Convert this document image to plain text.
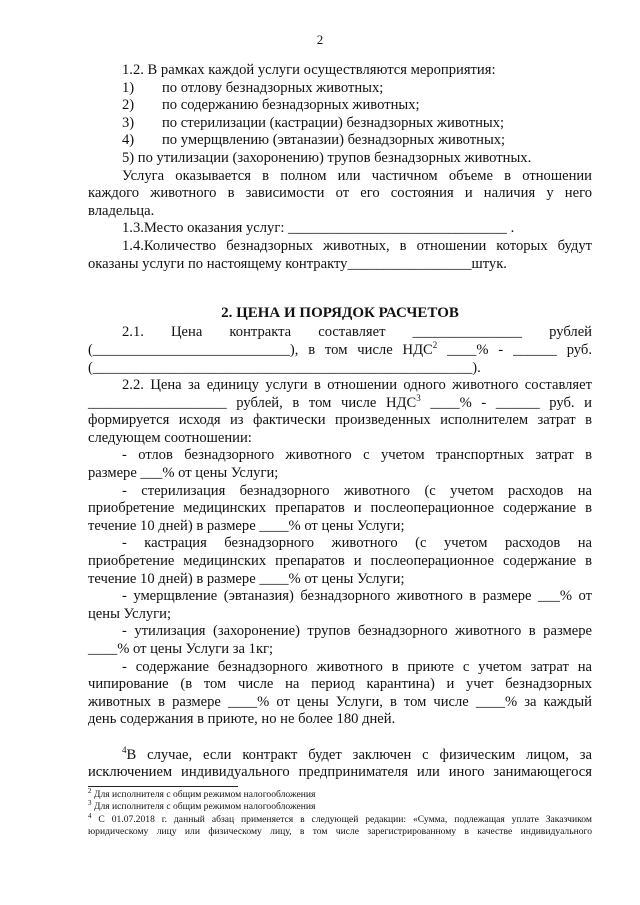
2
1.2. В рамках каждой услуги осуществляются мероприятия:
1)	по отлову безнадзорных животных;
2)	по содержанию безнадзорных животных;
3)	по стерилизации (кастрации) безнадзорных животных;
4)	по умерщвлению (эвтаназии) безнадзорных животных;
5) по утилизации (захоронению) трупов безнадзорных животных.
Услуга оказывается в полном или частичном объеме в отношении
каждого животного в зависимости от его состояния и наличия у него
владельца.
1.3.Место оказания услуг: ______________________________ .
1.4.Количество безнадзорных животных, в отношении которых будут
оказаны услуги по настоящему контракту_________________штук.
2. ЦЕНА И ПОРЯДОК РАСЧЕТОВ
2.1. Цена контракта составляет _______________ рублей
(___________________________), в том числе НДС$^2$ ____% - ______ руб.
(____________________________________________________).
2.2. Цена за единицу услуги в отношении одного животного составляет
___________________ рублей, в том числе НДС$^3$ ____% - ______ руб. и
формируется исходя из фактически произведенных исполнителем затрат в
следующем соотношении:
- отлов безнадзорного животного с учетом транспортных затрат в
размере ___% от цены Услуги;
- стерилизация безнадзорного животного (с учетом расходов на
приобретение медицинских препаратов и послеоперационное содержание в
течение 10 дней) в размере ____% от цены Услуги;
- кастрация безнадзорного животного (с учетом расходов на
приобретение медицинских препаратов и послеоперационное содержание в
течение 10 дней) в размере ____% от цены Услуги;
- умерщвление (эвтаназия) безнадзорного животного в размере ___% от
цены Услуги;
- утилизация (захоронение) трупов безнадзорного животного в размере
____% от цены Услуги за 1кг;
- содержание безнадзорного животного в приюте с учетом затрат на
чипирование (в том числе на период карантина) и учет безнадзорных
животных в размере ____% от цены Услуги, в том числе ____% за каждый
день содержания в приюте, но не более 180 дней.
$^4$В случае, если контракт будет заключен с физическим лицом, за
исключением индивидуального предпринимателя или иного занимающегося
$^2$ Для исполнителя с общим режимом налогообложения
$^3$ Для исполнителя с общим режимом налогообложения
$^4$ С 01.07.2018 г. данный абзац применяется в следующей редакции: «Сумма, подлежащая уплате Заказчиком
юридическому лицу или физическому лицу, в том числе зарегистрированному в качестве индивидуального
